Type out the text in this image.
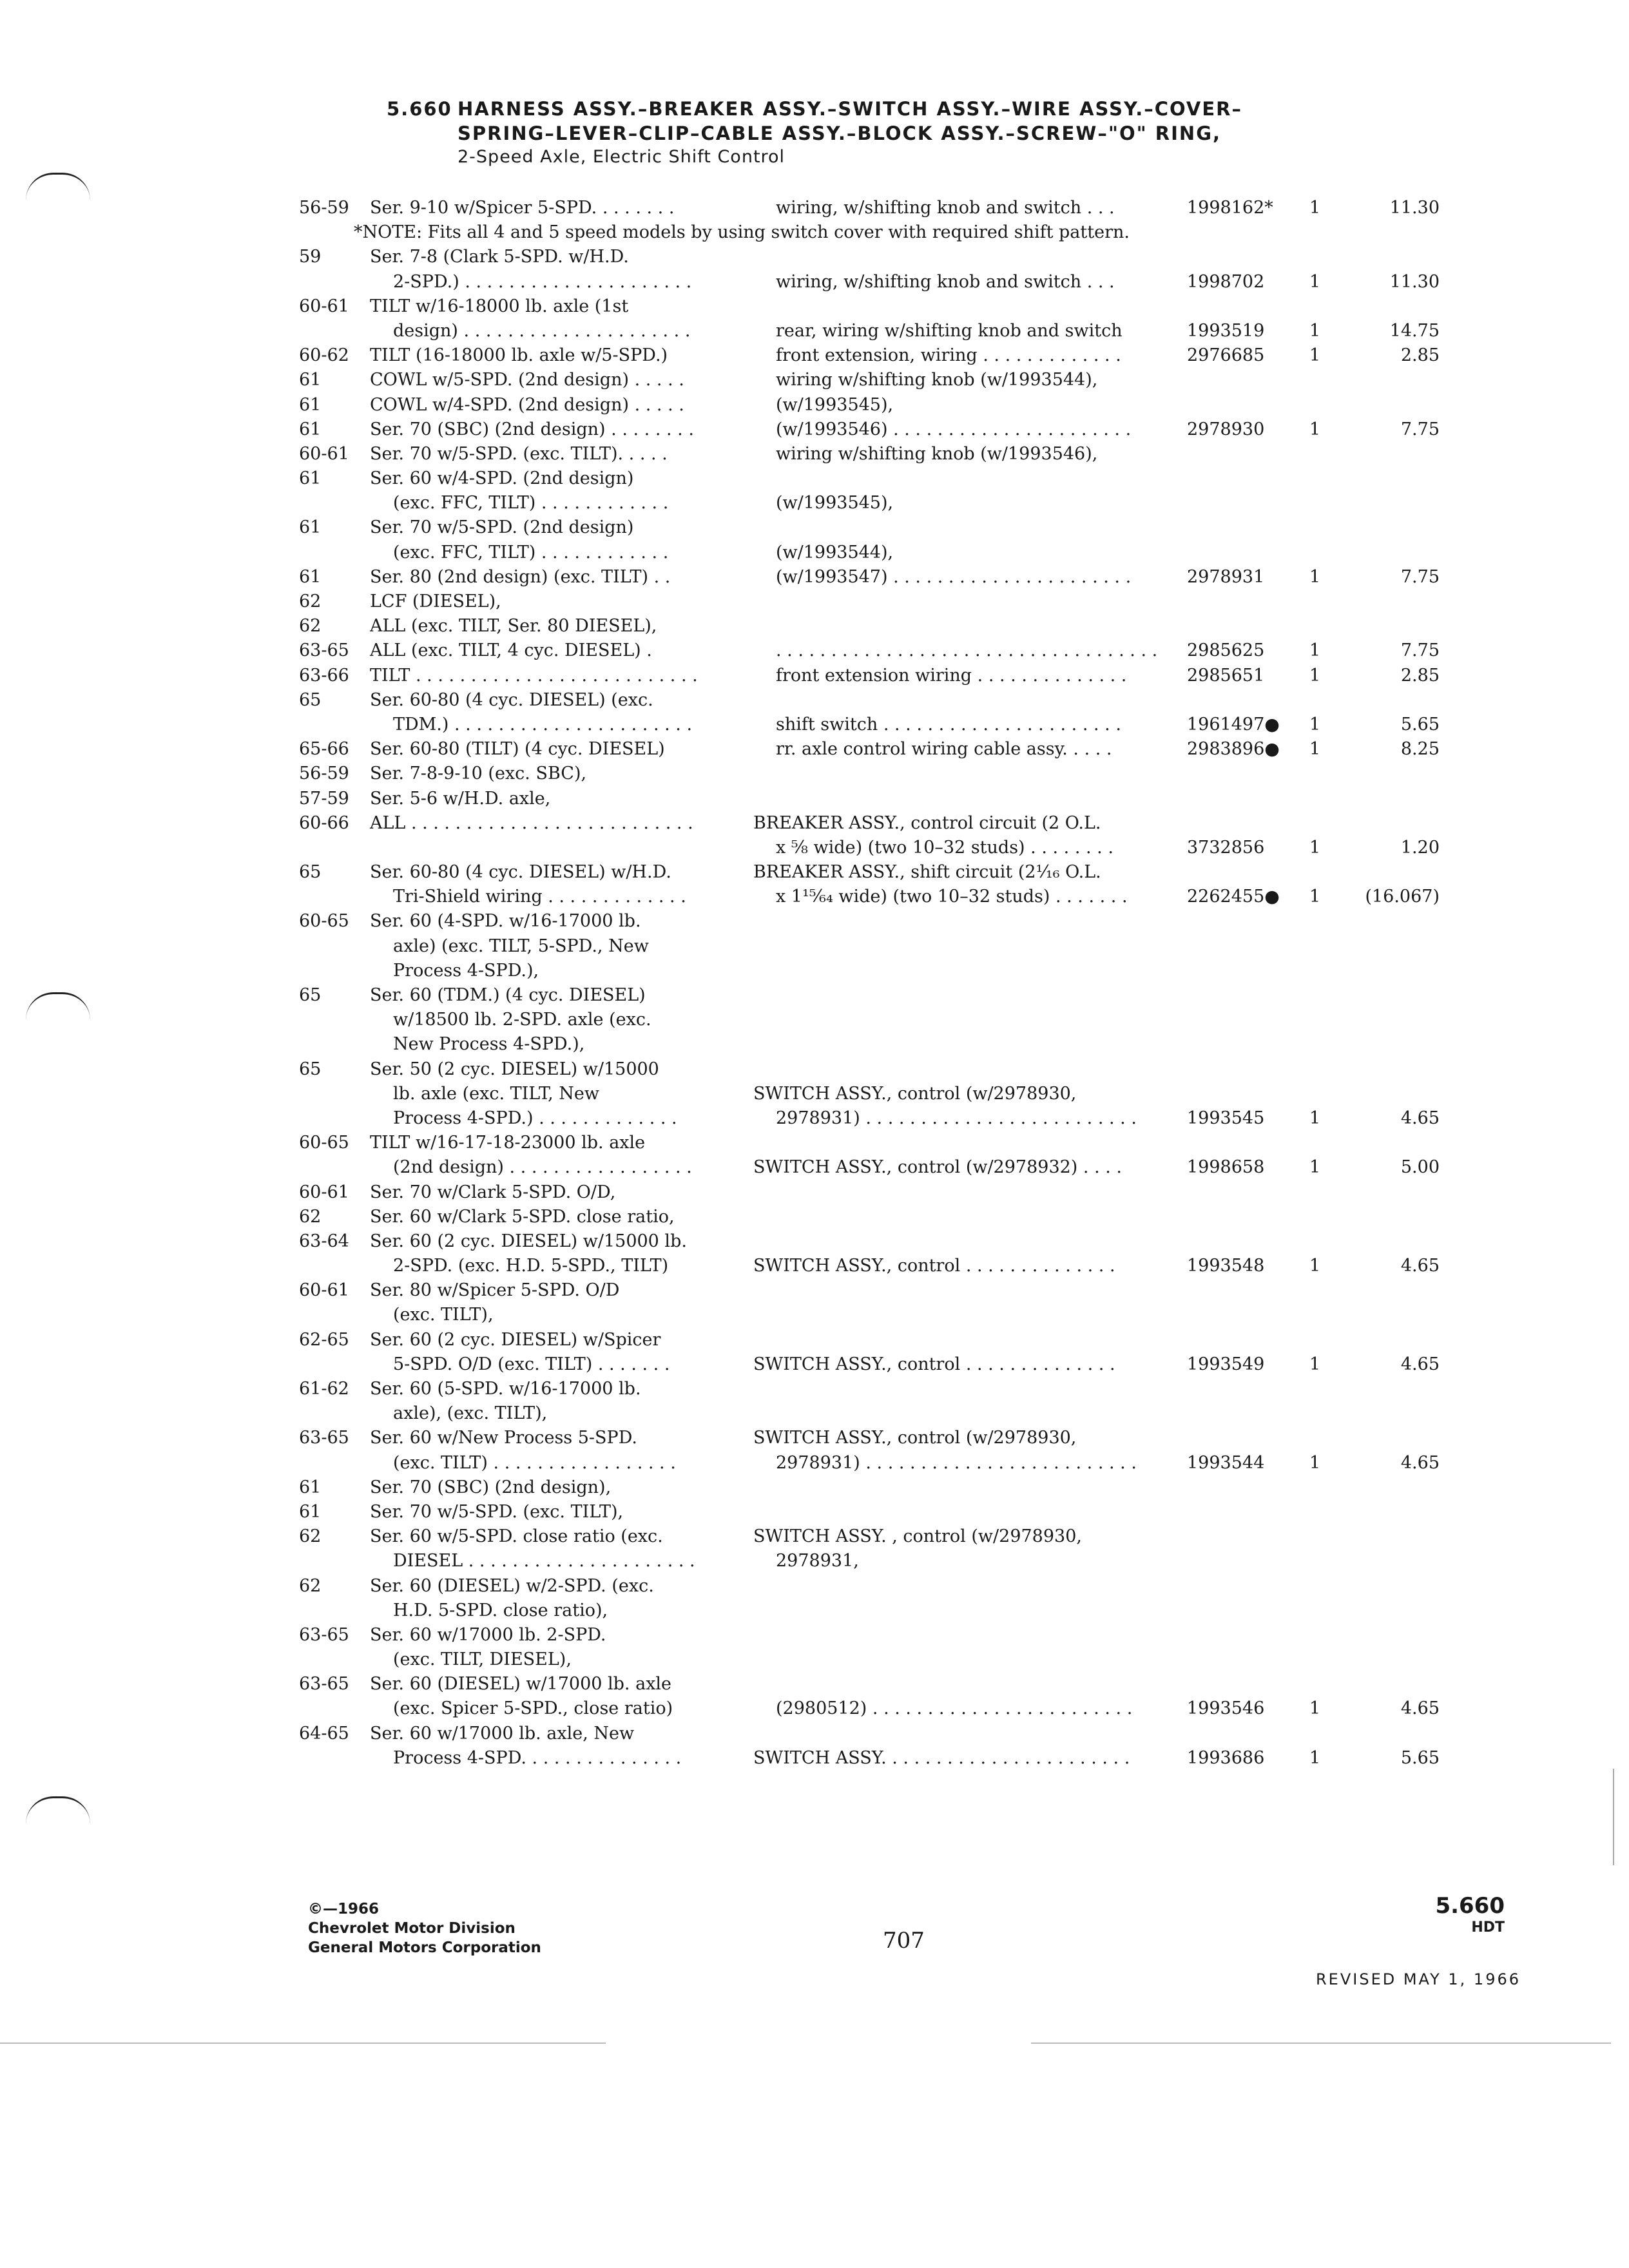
5.660 HARNESS ASSY.–BREAKER ASSY.–SWITCH ASSY.–WIRE ASSY.–COVER–
SPRING–LEVER–CLIP–CABLE ASSY.–BLOCK ASSY.–SCREW–"O" RING,
2-Speed Axle, Electric Shift Control
56-59 Ser. 9-10 w/Spicer 5-SPD. . . . . . . .	wiring, w/shifting knob and switch . . .	1998162* 1	11.30
*NOTE: Fits all 4 and 5 speed models by using switch cover with required shift pattern.
59	Ser. 7-8 (Clark 5-SPD. w/H.D.
2-SPD.) . . . . . . . . . . . . . . . . . . . . .	wiring, w/shifting knob and switch . . .	1998702	1	11.30
60-61 TILT w/16-18000 lb. axle (1st
design) . . . . . . . . . . . . . . . . . . . . .	rear, wiring w/shifting knob and switch	1993519	1	14.75
60-62 TILT (16-18000 lb. axle w/5-SPD.)	front extension, wiring . . . . . . . . . . . . .	2976685	1	2.85
61	COWL w/5-SPD. (2nd design) . . . . .	wiring w/shifting knob (w/1993544),
61	COWL w/4-SPD. (2nd design) . . . . .	(w/1993545),
61	Ser. 70 (SBC) (2nd design) . . . . . . . .	(w/1993546) . . . . . . . . . . . . . . . . . . . . . .	2978930	1	7.75
60-61 Ser. 70 w/5-SPD. (exc. TILT). . . . .	wiring w/shifting knob (w/1993546),
61	Ser. 60 w/4-SPD. (2nd design)
(exc. FFC, TILT) . . . . . . . . . . . .	(w/1993545),
61	Ser. 70 w/5-SPD. (2nd design)
(exc. FFC, TILT) . . . . . . . . . . . .	(w/1993544),
61	Ser. 80 (2nd design) (exc. TILT) . .	(w/1993547) . . . . . . . . . . . . . . . . . . . . . .	2978931	1	7.75
62	LCF (DIESEL),
62	ALL (exc. TILT, Ser. 80 DIESEL),
63-65 ALL (exc. TILT, 4 cyc. DIESEL) .	. . . . . . . . . . . . . . . . . . . . . . . . . . . . . . . . . . . 2985625	1	7.75
63-66 TILT . . . . . . . . . . . . . . . . . . . . . . . . . .	front extension wiring . . . . . . . . . . . . . .	2985651	1	2.85
65	Ser. 60-80 (4 cyc. DIESEL) (exc.
TDM.) . . . . . . . . . . . . . . . . . . . . . .	shift switch . . . . . . . . . . . . . . . . . . . . . .	1961497● 1	5.65
65-66 Ser. 60-80 (TILT) (4 cyc. DIESEL)	rr. axle control wiring cable assy. . . . .	2983896● 1	8.25
56-59 Ser. 7-8-9-10 (exc. SBC),
57-59 Ser. 5-6 w/H.D. axle,
60-66 ALL . . . . . . . . . . . . . . . . . . . . . . . . . .	BREAKER ASSY., control circuit (2 O.L.
x ⅝ wide) (two 10–32 studs) . . . . . . . .	3732856	1	1.20
65	Ser. 60-80 (4 cyc. DIESEL) w/H.D.	BREAKER ASSY., shift circuit (2⅟₁₆ O.L.
Tri-Shield wiring . . . . . . . . . . . . .	x 1¹⁵⁄₆₄ wide) (two 10–32 studs) . . . . . . .	2262455● 1	(16.067)
60-65 Ser. 60 (4-SPD. w/16-17000 lb.
axle) (exc. TILT, 5-SPD., New
Process 4-SPD.),
65	Ser. 60 (TDM.) (4 cyc. DIESEL)
w/18500 lb. 2-SPD. axle (exc.
New Process 4-SPD.),
65	Ser. 50 (2 cyc. DIESEL) w/15000
lb. axle (exc. TILT, New	SWITCH ASSY., control (w/2978930,
Process 4-SPD.) . . . . . . . . . . . . .	2978931) . . . . . . . . . . . . . . . . . . . . . . . . .	1993545	1	4.65
60-65 TILT w/16-17-18-23000 lb. axle
(2nd design) . . . . . . . . . . . . . . . . .	SWITCH ASSY., control (w/2978932) . . . .	1998658	1	5.00
60-61 Ser. 70 w/Clark 5-SPD. O/D,
62	Ser. 60 w/Clark 5-SPD. close ratio,
63-64 Ser. 60 (2 cyc. DIESEL) w/15000 lb.
2-SPD. (exc. H.D. 5-SPD., TILT)	SWITCH ASSY., control . . . . . . . . . . . . . .	1993548	1	4.65
60-61 Ser. 80 w/Spicer 5-SPD. O/D
(exc. TILT),
62-65 Ser. 60 (2 cyc. DIESEL) w/Spicer
5-SPD. O/D (exc. TILT) . . . . . . .	SWITCH ASSY., control . . . . . . . . . . . . . .	1993549	1	4.65
61-62 Ser. 60 (5-SPD. w/16-17000 lb.
axle), (exc. TILT),
63-65 Ser. 60 w/New Process 5-SPD.	SWITCH ASSY., control (w/2978930,
(exc. TILT) . . . . . . . . . . . . . . . . .	2978931) . . . . . . . . . . . . . . . . . . . . . . . . .	1993544	1	4.65
61	Ser. 70 (SBC) (2nd design),
61	Ser. 70 w/5-SPD. (exc. TILT),
62	Ser. 60 w/5-SPD. close ratio (exc.	SWITCH ASSY. , control (w/2978930,
DIESEL . . . . . . . . . . . . . . . . . . . . .	2978931,
62	Ser. 60 (DIESEL) w/2-SPD. (exc.
H.D. 5-SPD. close ratio),
63-65 Ser. 60 w/17000 lb. 2-SPD.
(exc. TILT, DIESEL),
63-65 Ser. 60 (DIESEL) w/17000 lb. axle
(exc. Spicer 5-SPD., close ratio)	(2980512) . . . . . . . . . . . . . . . . . . . . . . . .	1993546	1	4.65
64-65 Ser. 60 w/17000 lb. axle, New
Process 4-SPD. . . . . . . . . . . . . . .	SWITCH ASSY. . . . . . . . . . . . . . . . . . . . . . .	1993686	1	5.65
©—1966
Chevrolet Motor Division
General Motors Corporation	707
5.660
HDT
REVISED MAY 1, 1966
